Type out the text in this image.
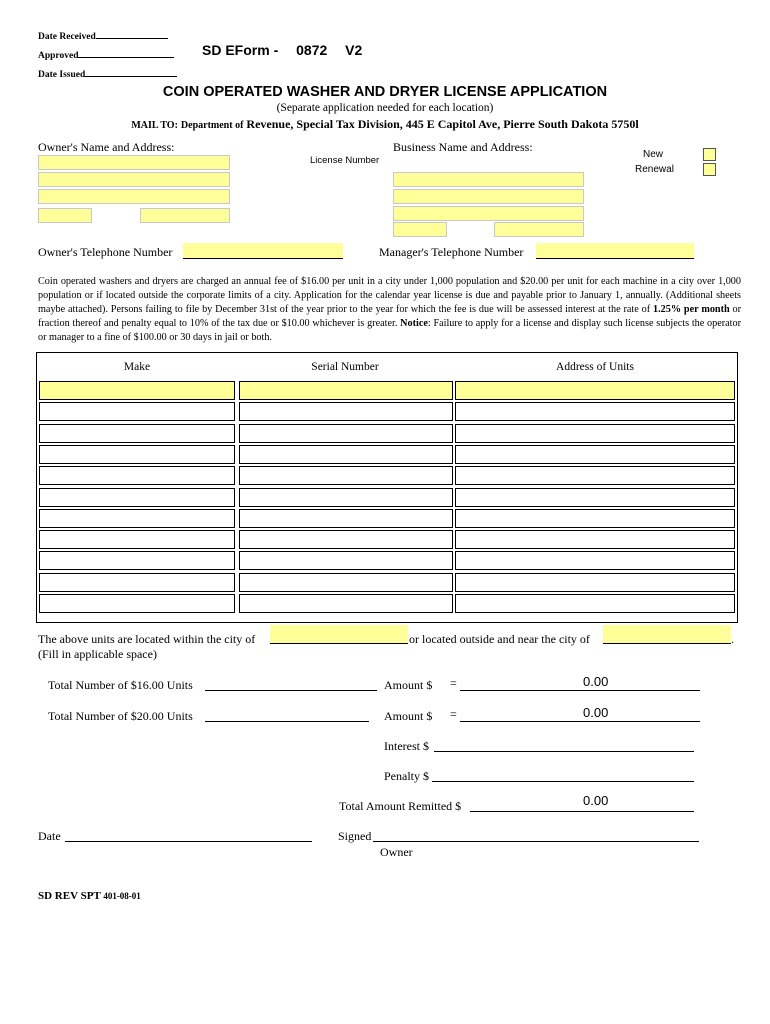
Date Received
Approved
Date Issued
SD EForm - 0872 V2
COIN OPERATED WASHER AND DRYER LICENSE APPLICATION
(Separate application needed for each location)
MAIL TO: Department of Revenue, Special Tax Division, 445 E Capitol Ave, Pierre South Dakota 5750l
Owner's Name and Address:
License Number
Business Name and Address:
New
Renewal
Owner's Telephone Number	Manager's Telephone Number
Coin operated washers and dryers are charged an annual fee of $16.00 per unit in a city under 1,000 population and $20.00 per unit for each machine in a city over 1,000 population or if located outside the corporate limits of a city. Application for the calendar year license is due and payable prior to January 1, annually. (Additional sheets maybe attached). Persons failing to file by December 31st of the year prior to the year for which the fee is due will be assessed interest at the rate of 1.25% per month or fraction thereof and penalty equal to 10% of the tax due or $10.00 whichever is greater. Notice: Failure to apply for a license and display such license subjects the operator or manager to a fine of $100.00 or 30 days in jail or both.
Make	Serial Number	Address of Units
The above units are located within the city of	or located outside and near the city of	.
(Fill in applicable space)
Total Number of $16.00 Units	Amount $ =	0.00
Total Number of $20.00 Units	Amount $ =	0.00
Interest $
Penalty $
Total Amount Remitted $	0.00
Date	Signed
Owner
SD REV SPT 401-08-01
